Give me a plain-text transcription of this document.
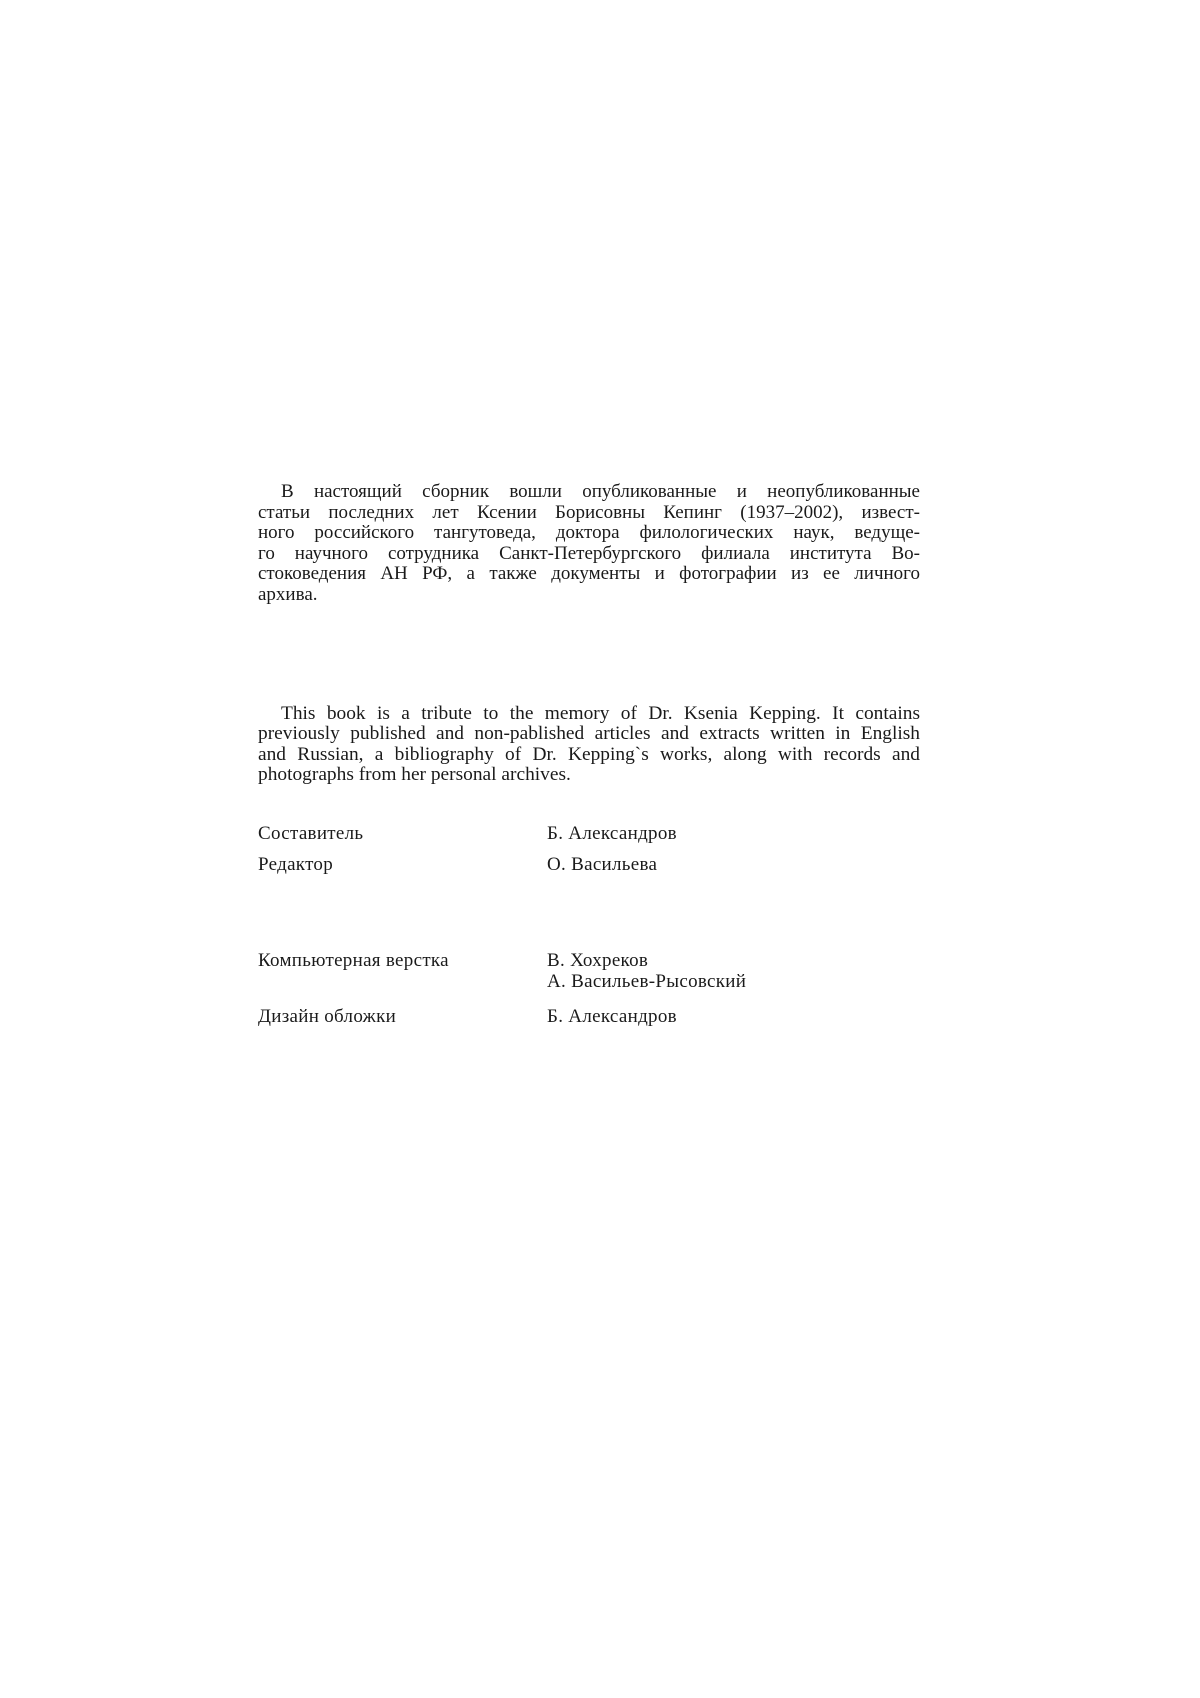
В настоящий сборник вошли опубликованные и неопубликованные
статьи последних лет Ксении Борисовны Кепинг (1937–2002), извест-
ного российского тангутоведа, доктора филологических наук, ведуще-
го научного сотрудника Санкт-Петербургского филиала института Во-
стоковедения АН РФ, а также документы и фотографии из ее личного
архива.
This book is a tribute to the memory of Dr. Ksenia Kepping. It contains
previously published and non-pablished articles and extracts written in English
and Russian, a bibliography of Dr. Kepping`s works, along with records and
photographs from her personal archives.
Составитель	Б. Александров
Редактор	О. Васильева
Компьютерная верстка	В. Хохреков
А. Васильев-Рысовский
Дизайн обложки	Б. Александров
